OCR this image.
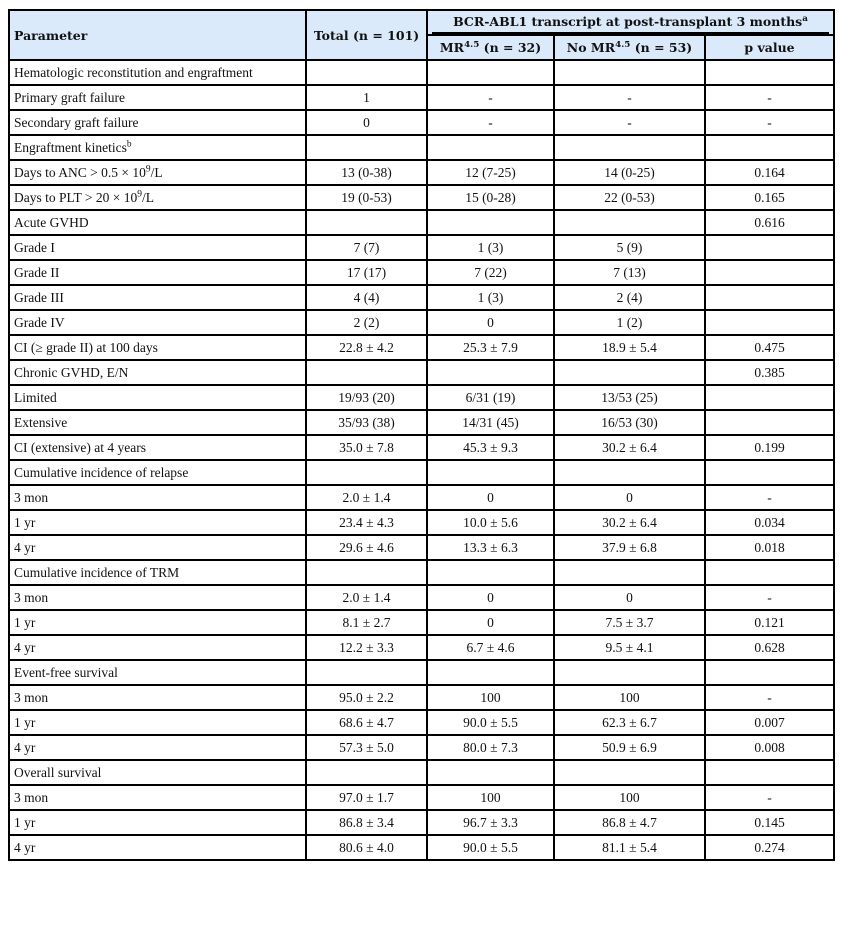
Parameter	Total (n = 101)	BCR-ABL1 transcript at post-transplant 3 months$^a$

		$MR^{4.5}$ (n = 32)	No $MR^{4.5}$ (n = 53)	p value
Hematologic reconstitution and engraftment				
Primary graft failure	1	-	-	-
Secondary graft failure	0	-	-	-
Engraftment kinetics$^b$				
Days to ANC > $0.5 \times 10^9/L$	13 (0-38)	12 (7-25)	14 (0-25)	0.164
Days to PLT > $20 \times 10^9/L$	19 (0-53)	15 (0-28)	22 (0-53)	0.165
Acute GVHD				0.616
Grade I	7 (7)	1 (3)	5 (9)	
Grade II	17 (17)	7 (22)	7 (13)	
Grade III	4 (4)	1 (3)	2 (4)	
Grade IV	2 (2)	0	1 (2)	
CI (≥ grade II) at 100 days	22.8 ± 4.2	25.3 ± 7.9	18.9 ± 5.4	0.475
Chronic GVHD, E/N				0.385
Limited	19/93 (20)	6/31 (19)	13/53 (25)	
Extensive	35/93 (38)	14/31 (45)	16/53 (30)	
CI (extensive) at 4 years	35.0 ± 7.8	45.3 ± 9.3	30.2 ± 6.4	0.199
Cumulative incidence of relapse				
3 mon	2.0 ± 1.4	0	0	-
1 yr	23.4 ± 4.3	10.0 ± 5.6	30.2 ± 6.4	0.034
4 yr	29.6 ± 4.6	13.3 ± 6.3	37.9 ± 6.8	0.018
Cumulative incidence of TRM				
3 mon	2.0 ± 1.4	0	0	-
1 yr	8.1 ± 2.7	0	7.5 ± 3.7	0.121
4 yr	12.2 ± 3.3	6.7 ± 4.6	9.5 ± 4.1	0.628
Event-free survival				
3 mon	95.0 ± 2.2	100	100	-
1 yr	68.6 ± 4.7	90.0 ± 5.5	62.3 ± 6.7	0.007
4 yr	57.3 ± 5.0	80.0 ± 7.3	50.9 ± 6.9	0.008
Overall survival				
3 mon	97.0 ± 1.7	100	100	-
1 yr	86.8 ± 3.4	96.7 ± 3.3	86.8 ± 4.7	0.145
4 yr	80.6 ± 4.0	90.0 ± 5.5	81.1 ± 5.4	0.274
